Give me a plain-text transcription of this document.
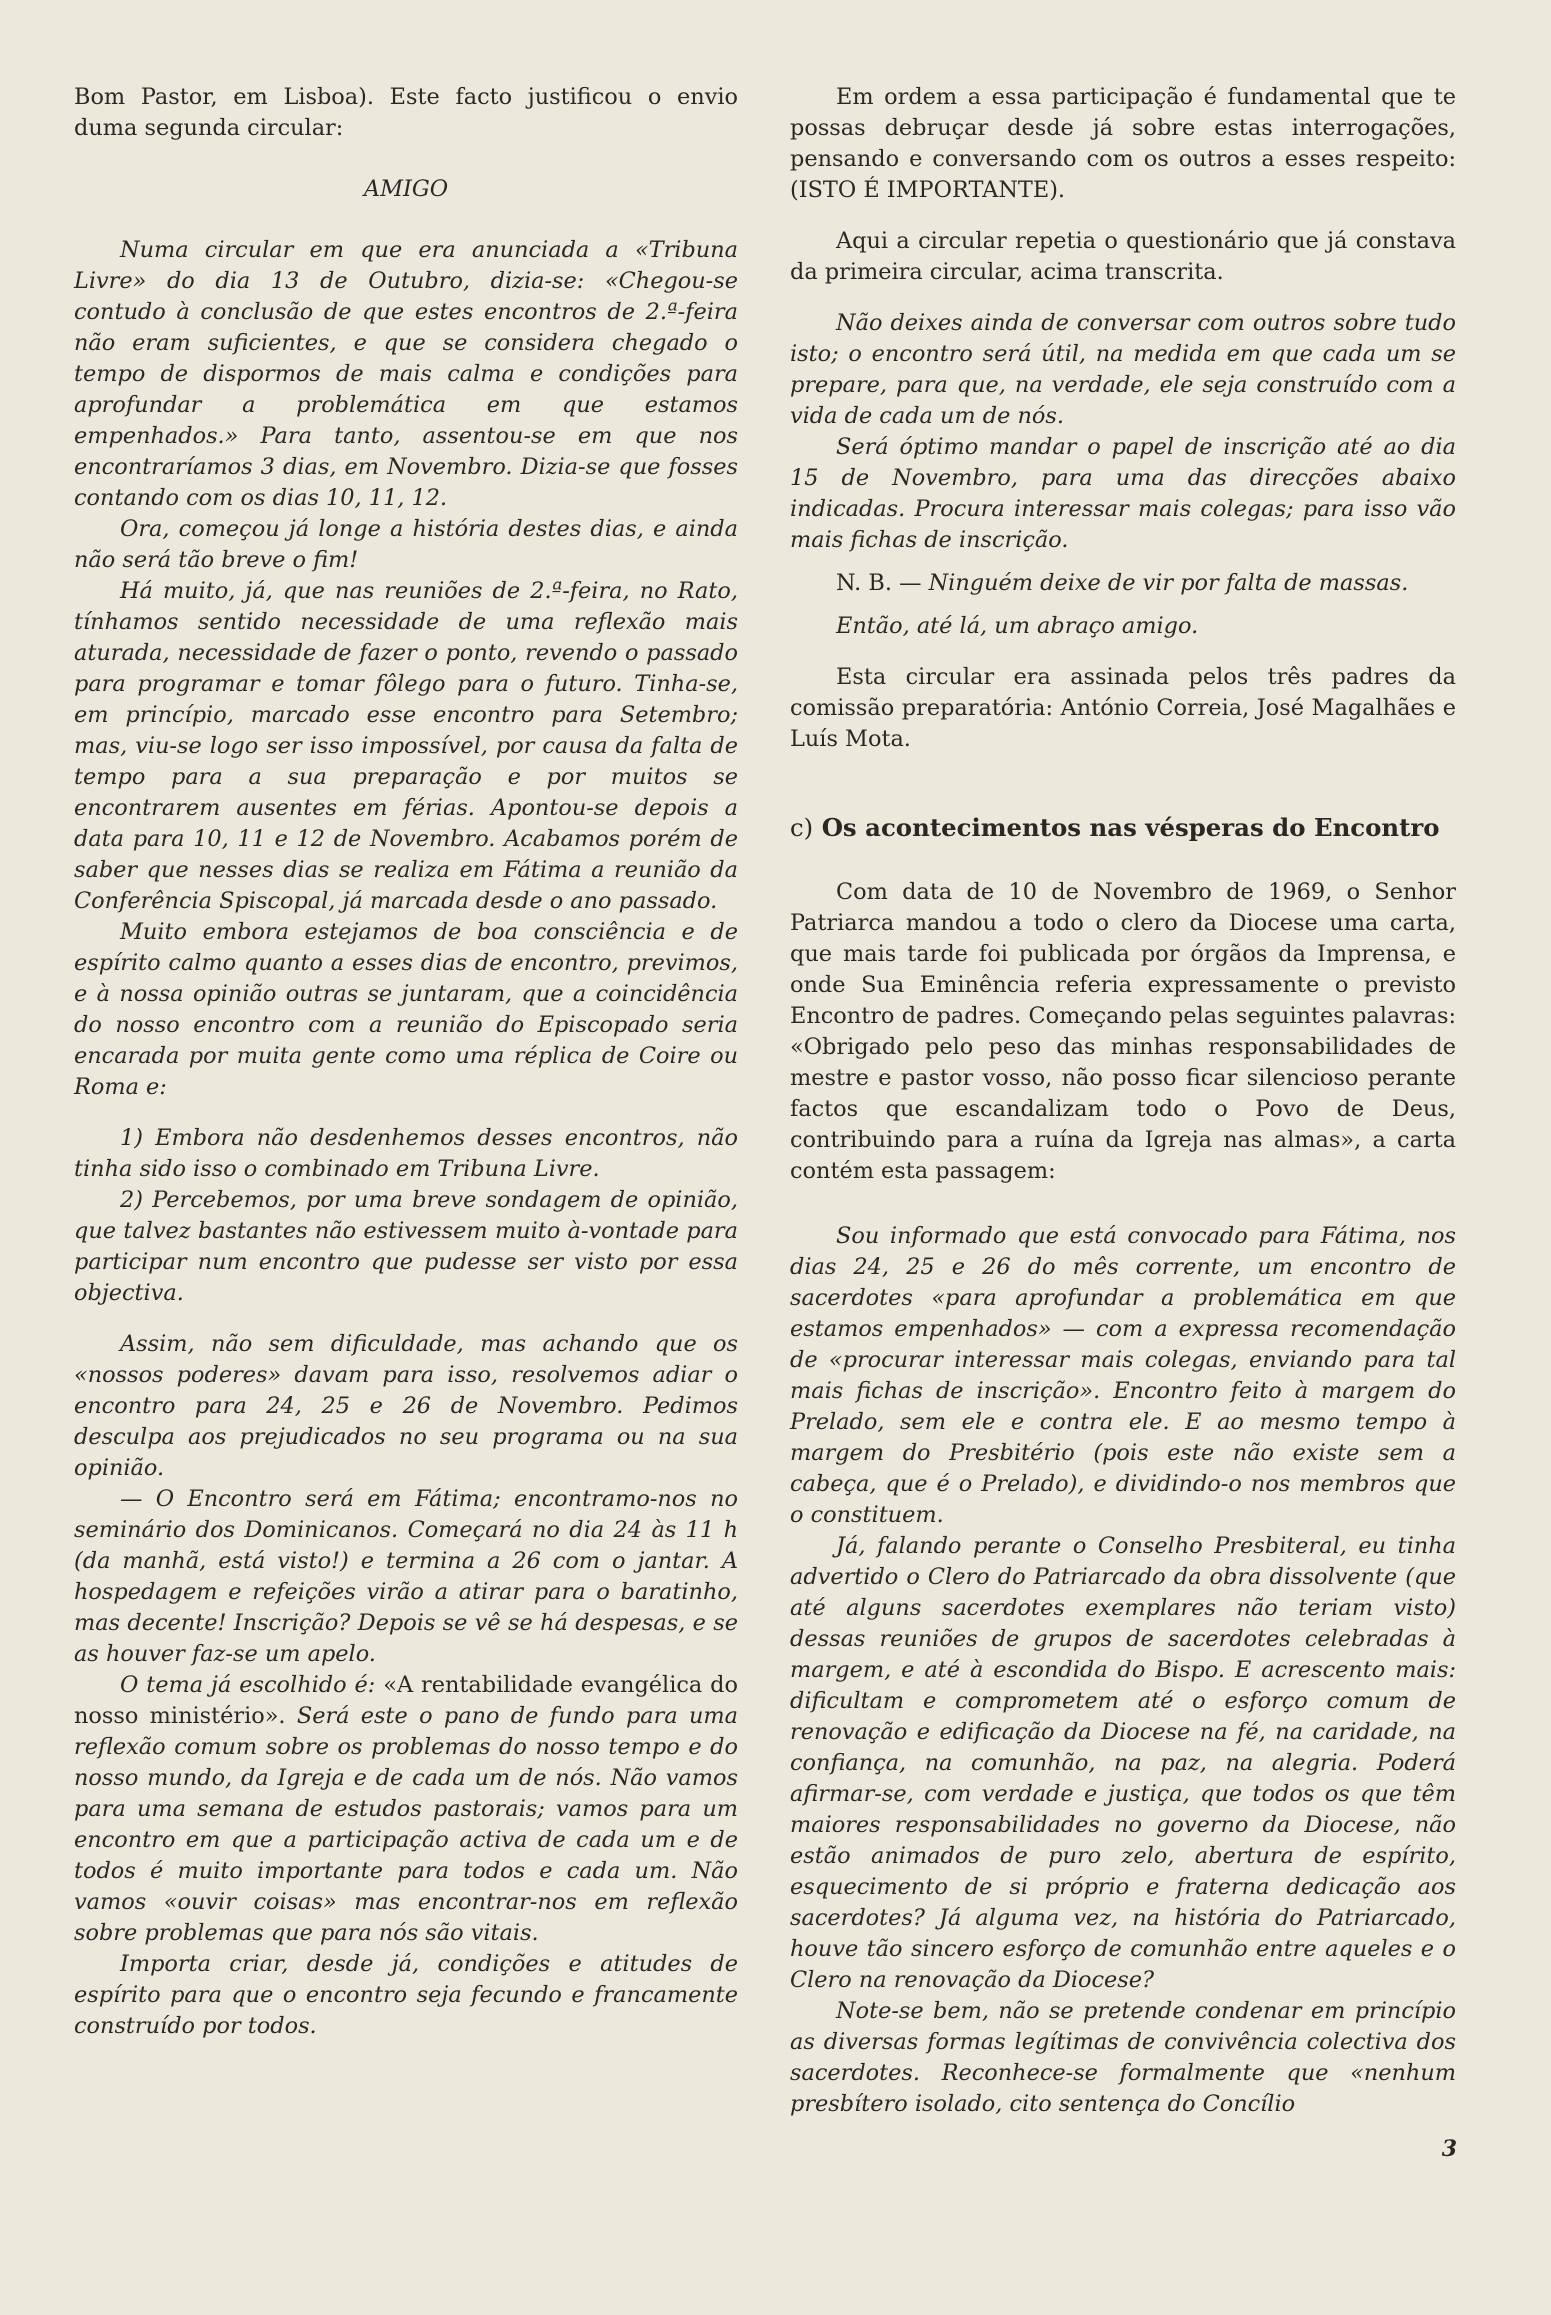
Bom Pastor, em Lisboa). Este facto justificou o envio duma segunda circular:

AMIGO

Numa circular em que era anunciada a «Tribuna Livre» do dia 13 de Outubro, dizia-se: «Chegou-se contudo à conclusão de que estes encontros de 2.ª-feira não eram suficientes, e que se considera chegado o tempo de dispormos de mais calma e condições para aprofundar a problemática em que estamos empenhados.» Para tanto, assentou-se em que nos encontraríamos 3 dias, em Novembro. Dizia-se que fosses contando com os dias 10, 11, 12.

Ora, começou já longe a história destes dias, e ainda não será tão breve o fim!

Há muito, já, que nas reuniões de 2.ª-feira, no Rato, tínhamos sentido necessidade de uma reflexão mais aturada, necessidade de fazer o ponto, revendo o passado para programar e tomar fôlego para o futuro. Tinha-se, em princípio, marcado esse encontro para Setembro; mas, viu-se logo ser isso impossível, por causa da falta de tempo para a sua preparação e por muitos se encontrarem ausentes em férias. Apontou-se depois a data para 10, 11 e 12 de Novembro. Acabamos porém de saber que nesses dias se realiza em Fátima a reunião da Conferência Spiscopal, já marcada desde o ano passado.

Muito embora estejamos de boa consciência e de espírito calmo quanto a esses dias de encontro, previmos, e à nossa opinião outras se juntaram, que a coincidência do nosso encontro com a reunião do Episcopado seria encarada por muita gente como uma réplica de Coire ou Roma e:

1) Embora não desdenhemos desses encontros, não tinha sido isso o combinado em Tribuna Livre.

2) Percebemos, por uma breve sondagem de opinião, que talvez bastantes não estivessem muito à-vontade para participar num encontro que pudesse ser visto por essa objectiva.

Assim, não sem dificuldade, mas achando que os «nossos poderes» davam para isso, resolvemos adiar o encontro para 24, 25 e 26 de Novembro. Pedimos desculpa aos prejudicados no seu programa ou na sua opinião.

— O Encontro será em Fátima; encontramo-nos no seminário dos Dominicanos. Começará no dia 24 às 11 h (da manhã, está visto!) e termina a 26 com o jantar. A hospedagem e refeições virão a atirar para o baratinho, mas decente! Inscrição? Depois se vê se há despesas, e se as houver faz-se um apelo.

O tema já escolhido é: «A rentabilidade evangélica do nosso ministério». Será este o pano de fundo para uma reflexão comum sobre os problemas do nosso tempo e do nosso mundo, da Igreja e de cada um de nós. Não vamos para uma semana de estudos pastorais; vamos para um encontro em que a participação activa de cada um e de todos é muito importante para todos e cada um. Não vamos «ouvir coisas» mas encontrar-nos em reflexão sobre problemas que para nós são vitais.

Importa criar, desde já, condições e atitudes de espírito para que o encontro seja fecundo e francamente construído por todos.

Em ordem a essa participação é fundamental que te possas debruçar desde já sobre estas interrogações, pensando e conversando com os outros a esses respeito: (ISTO É IMPORTANTE).

Aqui a circular repetia o questionário que já constava da primeira circular, acima transcrita.

Não deixes ainda de conversar com outros sobre tudo isto; o encontro será útil, na medida em que cada um se prepare, para que, na verdade, ele seja construído com a vida de cada um de nós.

Será óptimo mandar o papel de inscrição até ao dia 15 de Novembro, para uma das direcções abaixo indicadas. Procura interessar mais colegas; para isso vão mais fichas de inscrição.

N. B. — Ninguém deixe de vir por falta de massas.

Então, até lá, um abraço amigo.

Esta circular era assinada pelos três padres da comissão preparatória: António Correia, José Magalhães e Luís Mota.

c) Os acontecimentos nas vésperas do Encontro

Com data de 10 de Novembro de 1969, o Senhor Patriarca mandou a todo o clero da Diocese uma carta, que mais tarde foi publicada por órgãos da Imprensa, e onde Sua Eminência referia expressamente o previsto Encontro de padres. Começando pelas seguintes palavras: «Obrigado pelo peso das minhas responsabilidades de mestre e pastor vosso, não posso ficar silencioso perante factos que escandalizam todo o Povo de Deus, contribuindo para a ruína da Igreja nas almas», a carta contém esta passagem:

Sou informado que está convocado para Fátima, nos dias 24, 25 e 26 do mês corrente, um encontro de sacerdotes «para aprofundar a problemática em que estamos empenhados» — com a expressa recomendação de «procurar interessar mais colegas, enviando para tal mais fichas de inscrição». Encontro feito à margem do Prelado, sem ele e contra ele. E ao mesmo tempo à margem do Presbitério (pois este não existe sem a cabeça, que é o Prelado), e dividindo-o nos membros que o constituem.

Já, falando perante o Conselho Presbiteral, eu tinha advertido o Clero do Patriarcado da obra dissolvente (que até alguns sacerdotes exemplares não teriam visto) dessas reuniões de grupos de sacerdotes celebradas à margem, e até à escondida do Bispo. E acrescento mais: dificultam e comprometem até o esforço comum de renovação e edificação da Diocese na fé, na caridade, na confiança, na comunhão, na paz, na alegria. Poderá afirmar-se, com verdade e justiça, que todos os que têm maiores responsabilidades no governo da Diocese, não estão animados de puro zelo, abertura de espírito, esquecimento de si próprio e fraterna dedicação aos sacerdotes? Já alguma vez, na história do Patriarcado, houve tão sincero esforço de comunhão entre aqueles e o Clero na renovação da Diocese?

Note-se bem, não se pretende condenar em princípio as diversas formas legítimas de convivência colectiva dos sacerdotes. Reconhece-se formalmente que «nenhum presbítero isolado, cito sentença do Concílio

3
